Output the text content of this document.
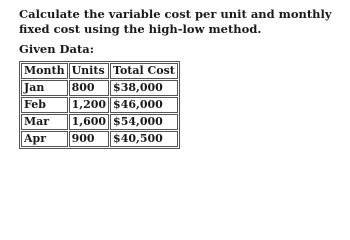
Calculate the variable cost per unit and monthly fixed cost using the high-low method.

Given Data:

Month	Units	Total Cost
Jan	800	$38,000
Feb	1,200	$46,000
Mar	1,600	$54,000
Apr	900	$40,500
